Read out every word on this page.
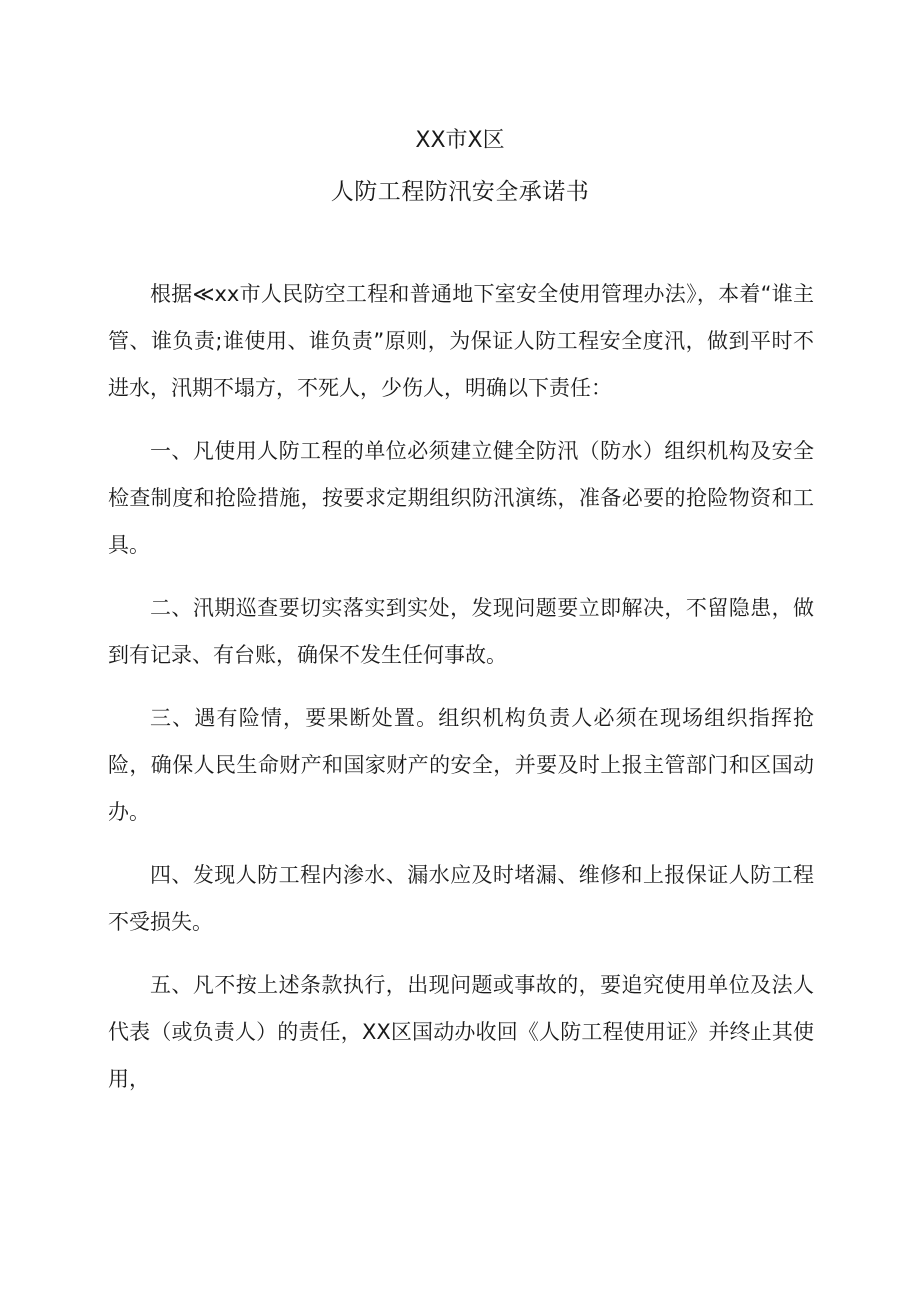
XX市X区
人防工程防汛安全承诺书

根据≪xx市人民防空工程和普通地下室安全使用管理办法》，本着“谁主管、谁负责;谁使用、谁负责”原则，为保证人防工程安全度汛，做到平时不进水，汛期不塌方，不死人，少伤人，明确以下责任：

一、凡使用人防工程的单位必须建立健全防汛（防水）组织机构及安全检查制度和抢险措施，按要求定期组织防汛演练，准备必要的抢险物资和工具。

二、汛期巡查要切实落实到实处，发现问题要立即解决，不留隐患，做到有记录、有台账，确保不发生任何事故。

三、遇有险情，要果断处置。组织机构负责人必须在现场组织指挥抢险，确保人民生命财产和国家财产的安全，并要及时上报主管部门和区国动办。

四、发现人防工程内渗水、漏水应及时堵漏、维修和上报保证人防工程不受损失。

五、凡不按上述条款执行，出现问题或事故的，要追究使用单位及法人代表（或负责人）的责任，XX区国动办收回《人防工程使用证》并终止其使用，
